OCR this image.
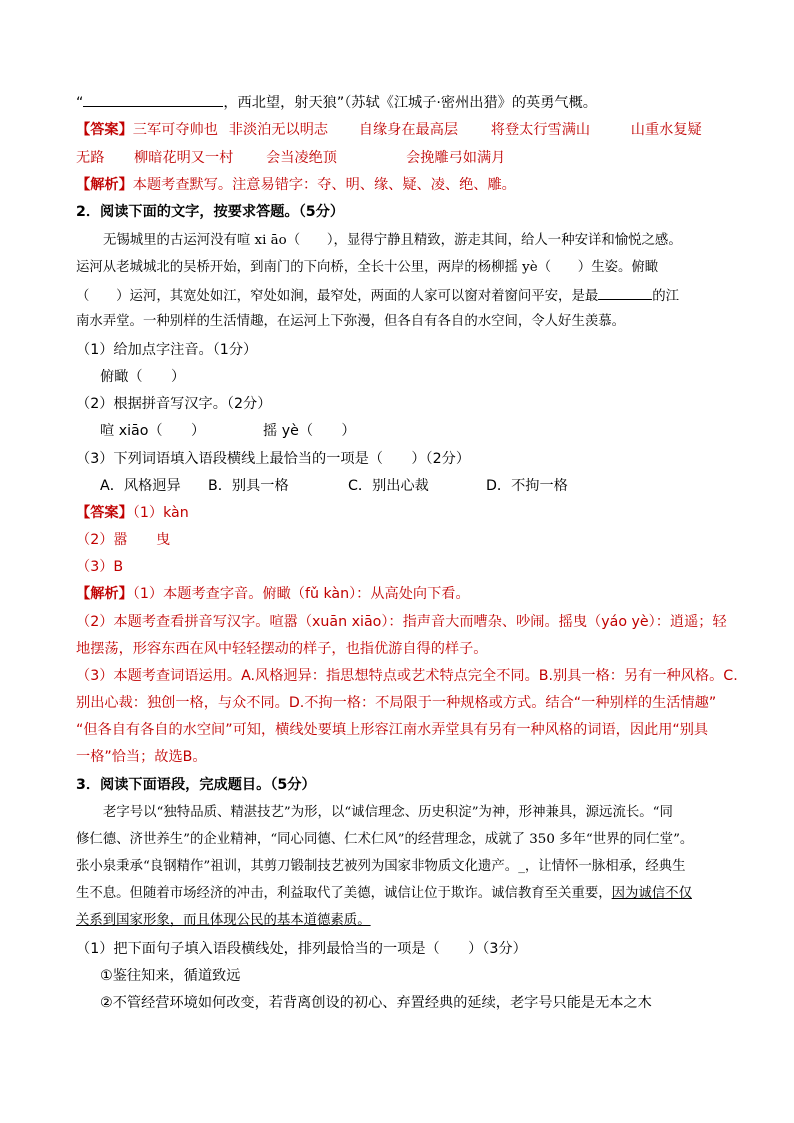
“	，西北望，射天狼”（苏轼《江城子·密州出猎》的英勇气概。
【答案】三军可夺帅也 非淡泊无以明志 自缘身在最高层 将登太行雪满山	山重水复疑
无路 柳暗花明又一村 会当凌绝顶	会挽雕弓如满月
【解析】本题考查默写。注意易错字：夺、明、缘、疑、凌、绝、雕。
2．阅读下面的文字，按要求答题。（5分）
无锡城里的古运河没有喧 xi āo（　　），显得宁静且精致，游走其间，给人一种安详和愉悦之感。
运河从老城城北的吴桥开始，到南门的下向桥，全长十公里，两岸的杨柳摇 yè（　　）生姿。俯瞰
（　　）运河，其宽处如江，窄处如涧，最窄处，两面的人家可以窗对着窗问平安，是最	的江
南水弄堂。一种别样的生活情趣，在运河上下弥漫，但各自有各自的水空间，令人好生羡慕。
（1）给加点字注音。（1分）
俯瞰（　　）
（2）根据拼音写汉字。（2分）
喧 xiāo（　　）	摇 yè（　　）
（3）下列词语填入语段横线上最恰当的一项是（　　）（2分）
A．风格迥异 B．别具一格	C．别出心裁	D．不拘一格
【答案】（1）kàn
（2）嚣　　曳
（3）B
【解析】（1）本题考查字音。俯瞰（fǔ kàn）：从高处向下看。
（2）本题考查看拼音写汉字。喧嚣（xuān xiāo）：指声音大而嘈杂、吵闹。摇曳（yáo yè）：逍遥；轻
地摆荡，形容东西在风中轻轻摆动的样子，也指优游自得的样子。
（3）本题考查词语运用。A.风格迥异：指思想特点或艺术特点完全不同。B.别具一格：另有一种风格。C.
别出心裁：独创一格，与众不同。D.不拘一格：不局限于一种规格或方式。结合“一种别样的生活情趣”
“但各自有各自的水空间”可知，横线处要填上形容江南水弄堂具有另有一种风格的词语，因此用“别具
一格”恰当；故选B。
3．阅读下面语段，完成题目。（5分）
老字号以“独特品质、精湛技艺”为形，以“诚信理念、历史积淀”为神，形神兼具，源远流长。“同
修仁德、济世养生”的企业精神，“同心同德、仁术仁风”的经营理念，成就了 350 多年“世界的同仁堂”。
张小泉秉承“良钢精作”祖训，其剪刀锻制技艺被列为国家非物质文化遗产。_，让情怀一脉相承，经典生
生不息。但随着市场经济的冲击，利益取代了美德，诚信让位于欺诈。诚信教育至关重要，因为诚信不仅
关系到国家形象，而且体现公民的基本道德素质。
（1）把下面句子填入语段横线处，排列最恰当的一项是（　　）（3分）
①鉴往知来，循道致远
②不管经营环境如何改变，若背离创设的初心、弃置经典的延续，老字号只能是无本之木
